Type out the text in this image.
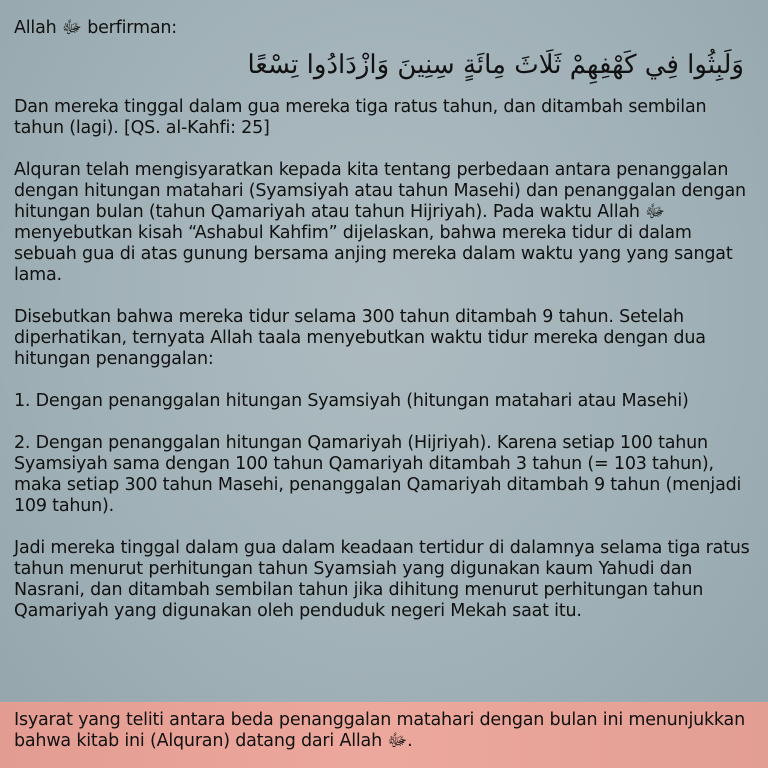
Allah ﷻ berfirman:

وَلَبِثُوا فِي كَهْفِهِمْ ثَلَاثَ مِائَةٍ سِنِينَ وَازْدَادُوا تِسْعًا

Dan mereka tinggal dalam gua mereka tiga ratus tahun, dan ditambah sembilan tahun (lagi). [QS. al-Kahfi: 25]

Alquran telah mengisyaratkan kepada kita tentang perbedaan antara penanggalan dengan hitungan matahari (Syamsiyah atau tahun Masehi) dan penanggalan dengan hitungan bulan (tahun Qamariyah atau tahun Hijriyah). Pada waktu Allah ﷻ menyebutkan kisah “Ashabul Kahfim” dijelaskan, bahwa mereka tidur di dalam sebuah gua di atas gunung bersama anjing mereka dalam waktu yang yang sangat lama.

Disebutkan bahwa mereka tidur selama 300 tahun ditambah 9 tahun. Setelah diperhatikan, ternyata Allah taala menyebutkan waktu tidur mereka dengan dua hitungan penanggalan:

1. Dengan penanggalan hitungan Syamsiyah (hitungan matahari atau Masehi)

2. Dengan penanggalan hitungan Qamariyah (Hijriyah). Karena setiap 100 tahun Syamsiyah sama dengan 100 tahun Qamariyah ditambah 3 tahun (= 103 tahun), maka setiap 300 tahun Masehi, penanggalan Qamariyah ditambah 9 tahun (menjadi 109 tahun).

Jadi mereka tinggal dalam gua dalam keadaan tertidur di dalamnya selama tiga ratus tahun menurut perhitungan tahun Syamsiah yang digunakan kaum Yahudi dan Nasrani, dan ditambah sembilan tahun jika dihitung menurut perhitungan tahun Qamariyah yang digunakan oleh penduduk negeri Mekah saat itu.

Isyarat yang teliti antara beda penanggalan matahari dengan bulan ini menunjukkan bahwa kitab ini (Alquran) datang dari Allah ﷻ.
